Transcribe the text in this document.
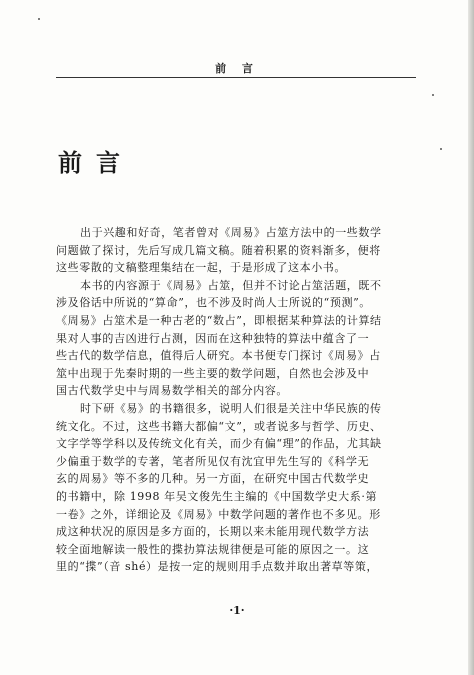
前 言
前言
出于兴趣和好奇，笔者曾对《周易》占筮方法中的一些数学
问题做了探讨，先后写成几篇文稿。随着积累的资料渐多，便将
这些零散的文稿整理集结在一起，于是形成了这本小书。
本书的内容源于《周易》占筮，但并不讨论占筮活题，既不
涉及俗话中所说的“算命”，也不涉及时尚人士所说的“预测”。
《周易》占筮术是一种古老的“数占”，即根据某种算法的计算结
果对人事的吉凶进行占测，因而在这种独特的算法中蕴含了一
些古代的数学信息，值得后人研究。本书便专门探讨《周易》占
筮中出现于先秦时期的一些主要的数学问题，自然也会涉及中
国古代数学史中与周易数学相关的部分内容。
时下研《易》的书籍很多，说明人们很是关注中华民族的传
统文化。不过，这些书籍大都偏“文”，或者说多与哲学、历史、
文字学等学科以及传统文化有关，而少有偏“理”的作品，尤其缺
少偏重于数学的专著，笔者所见仅有沈宜甲先生写的《科学无
玄的周易》等不多的几种。另一方面，在研究中国古代数学史
的书籍中，除 1998 年吴文俊先生主编的《中国数学史大系·第
一卷》之外，详细论及《周易》中数学问题的著作也不多见。形
成这种状况的原因是多方面的，长期以来未能用现代数学方法
较全面地解读一般性的揲扐算法规律便是可能的原因之一。这
里的“揲”（音 shé）是按一定的规则用手点数并取出著草等策，
·1·
